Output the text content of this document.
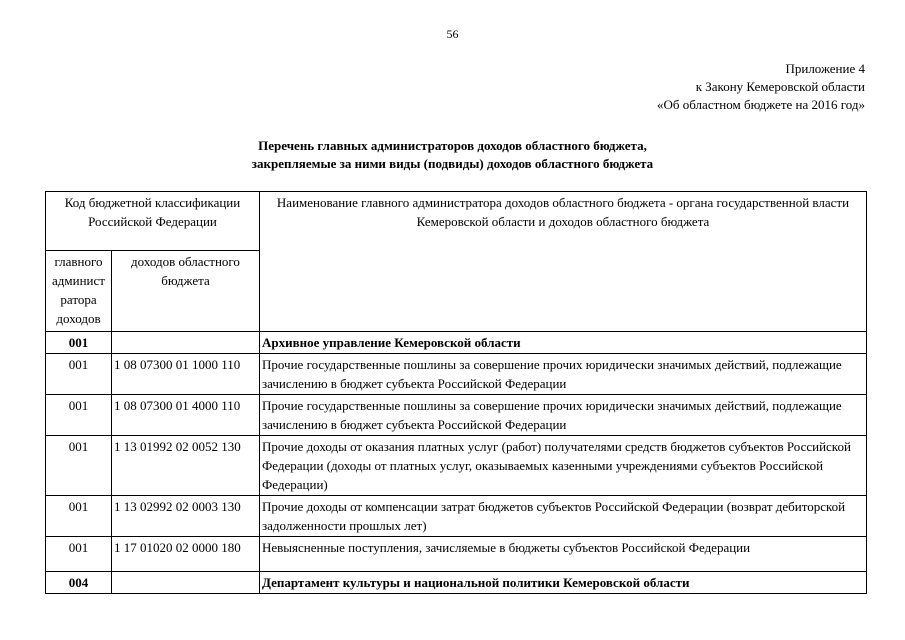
56
Приложение 4
к Закону Кемеровской области
«Об областном бюджете на 2016 год»
Перечень главных администраторов доходов областного бюджета,
закрепляемые за ними виды (подвиды) доходов областного бюджета
Код бюджетной классификации Российской Федерации		Наименование главного администратора доходов областного бюджета - органа государственной власти Кемеровской области и доходов областного бюджета

главного
админист
ратора
доходов	доходов областного бюджета	
001		Архивное управление Кемеровской области
001	1 08 07300 01 1000 110	Прочие государственные пошлины за совершение прочих юридически значимых действий, подлежащие зачислению в бюджет субъекта Российской Федерации
001	1 08 07300 01 4000 110	Прочие государственные пошлины за совершение прочих юридически значимых действий, подлежащие зачислению в бюджет субъекта Российской Федерации
001	1 13 01992 02 0052 130	Прочие доходы от оказания платных услуг (работ) получателями средств бюджетов субъектов Российской Федерации (доходы от платных услуг, оказываемых казенными учреждениями субъектов Российской Федерации)
001	1 13 02992 02 0003 130	Прочие доходы от компенсации затрат бюджетов субъектов Российской Федерации (возврат дебиторской задолженности прошлых лет)
001	1 17 01020 02 0000 180	Невыясненные поступления, зачисляемые в бюджеты субъектов Российской Федерации
004		Департамент культуры и национальной политики Кемеровской области
